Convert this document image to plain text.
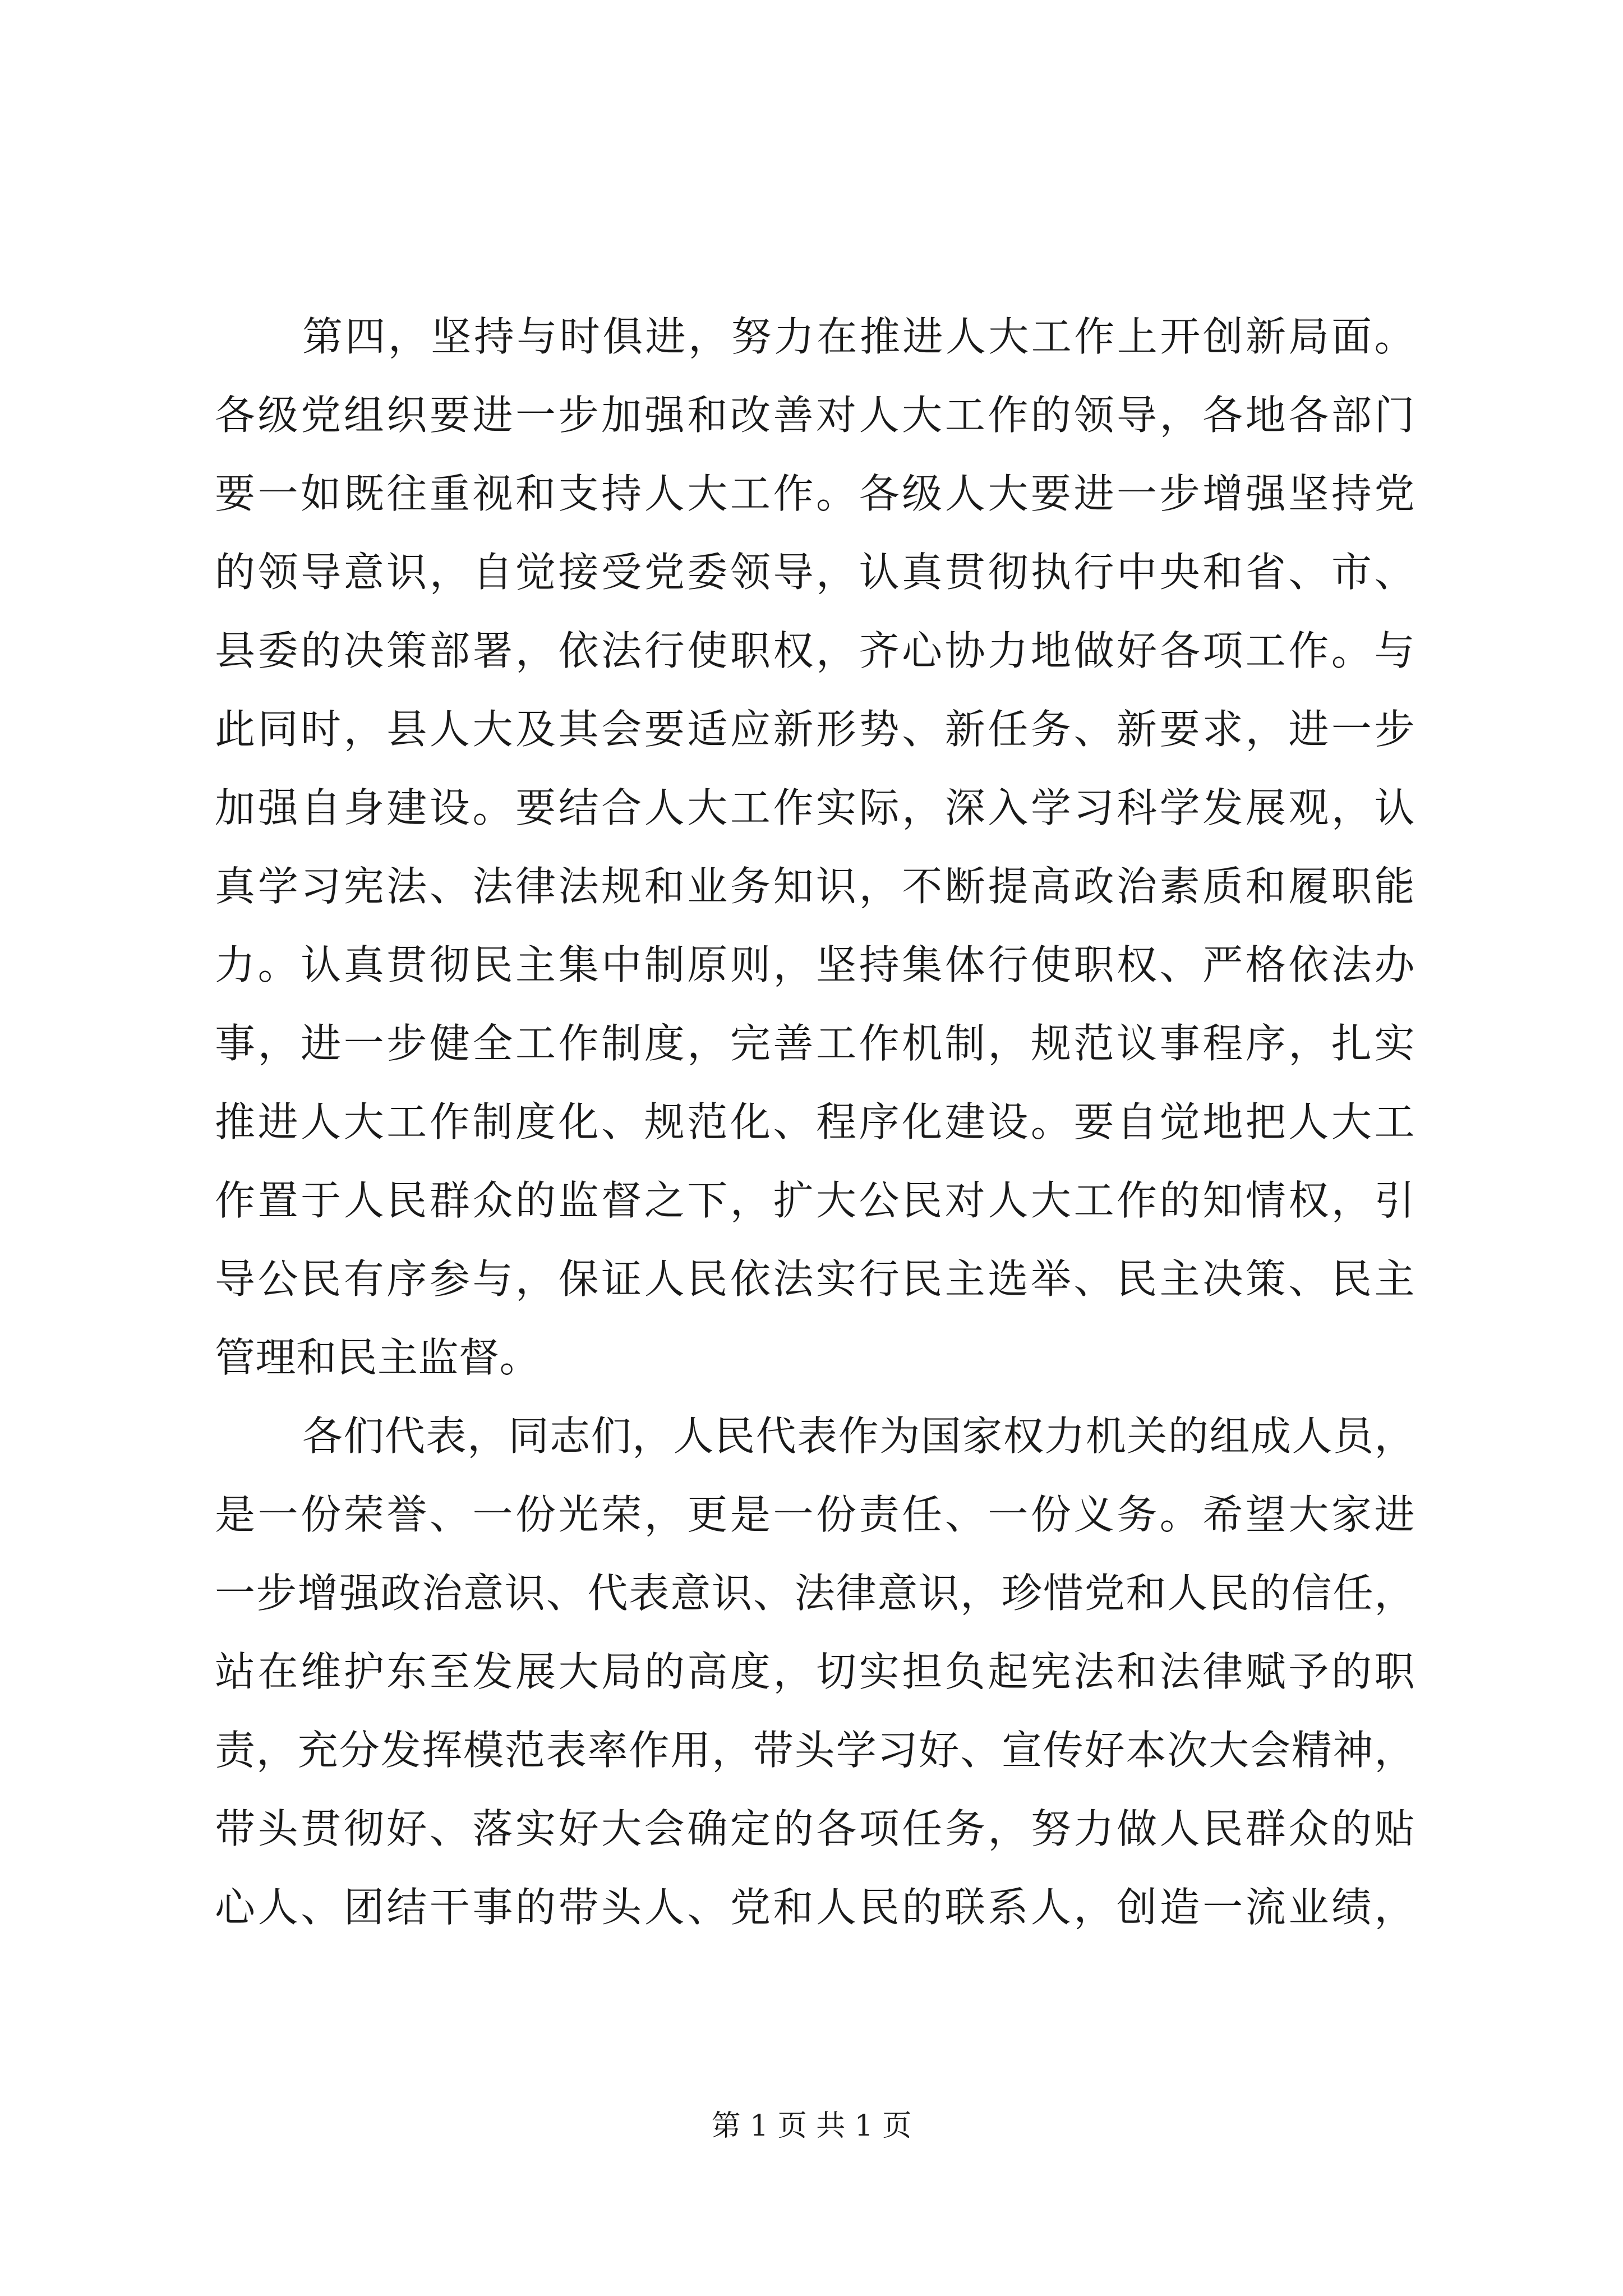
第四，坚持与时俱进，努力在推进人大工作上开创新局面。
各级党组织要进一步加强和改善对人大工作的领导，各地各部门
要一如既往重视和支持人大工作。各级人大要进一步增强坚持党
的领导意识，自觉接受党委领导，认真贯彻执行中央和省、市、
县委的决策部署，依法行使职权，齐心协力地做好各项工作。与
此同时，县人大及其会要适应新形势、新任务、新要求，进一步
加强自身建设。要结合人大工作实际，深入学习科学发展观，认
真学习宪法、法律法规和业务知识，不断提高政治素质和履职能
力。认真贯彻民主集中制原则，坚持集体行使职权、严格依法办
事，进一步健全工作制度，完善工作机制，规范议事程序，扎实
推进人大工作制度化、规范化、程序化建设。要自觉地把人大工
作置于人民群众的监督之下，扩大公民对人大工作的知情权，引
导公民有序参与，保证人民依法实行民主选举、民主决策、民主
管理和民主监督。
各们代表，同志们，人民代表作为国家权力机关的组成人员，
是一份荣誉、一份光荣，更是一份责任、一份义务。希望大家进
一步增强政治意识、代表意识、法律意识，珍惜党和人民的信任，
站在维护东至发展大局的高度，切实担负起宪法和法律赋予的职
责，充分发挥模范表率作用，带头学习好、宣传好本次大会精神，
带头贯彻好、落实好大会确定的各项任务，努力做人民群众的贴
心人、团结干事的带头人、党和人民的联系人，创造一流业绩，
第 1 页 共 1 页
